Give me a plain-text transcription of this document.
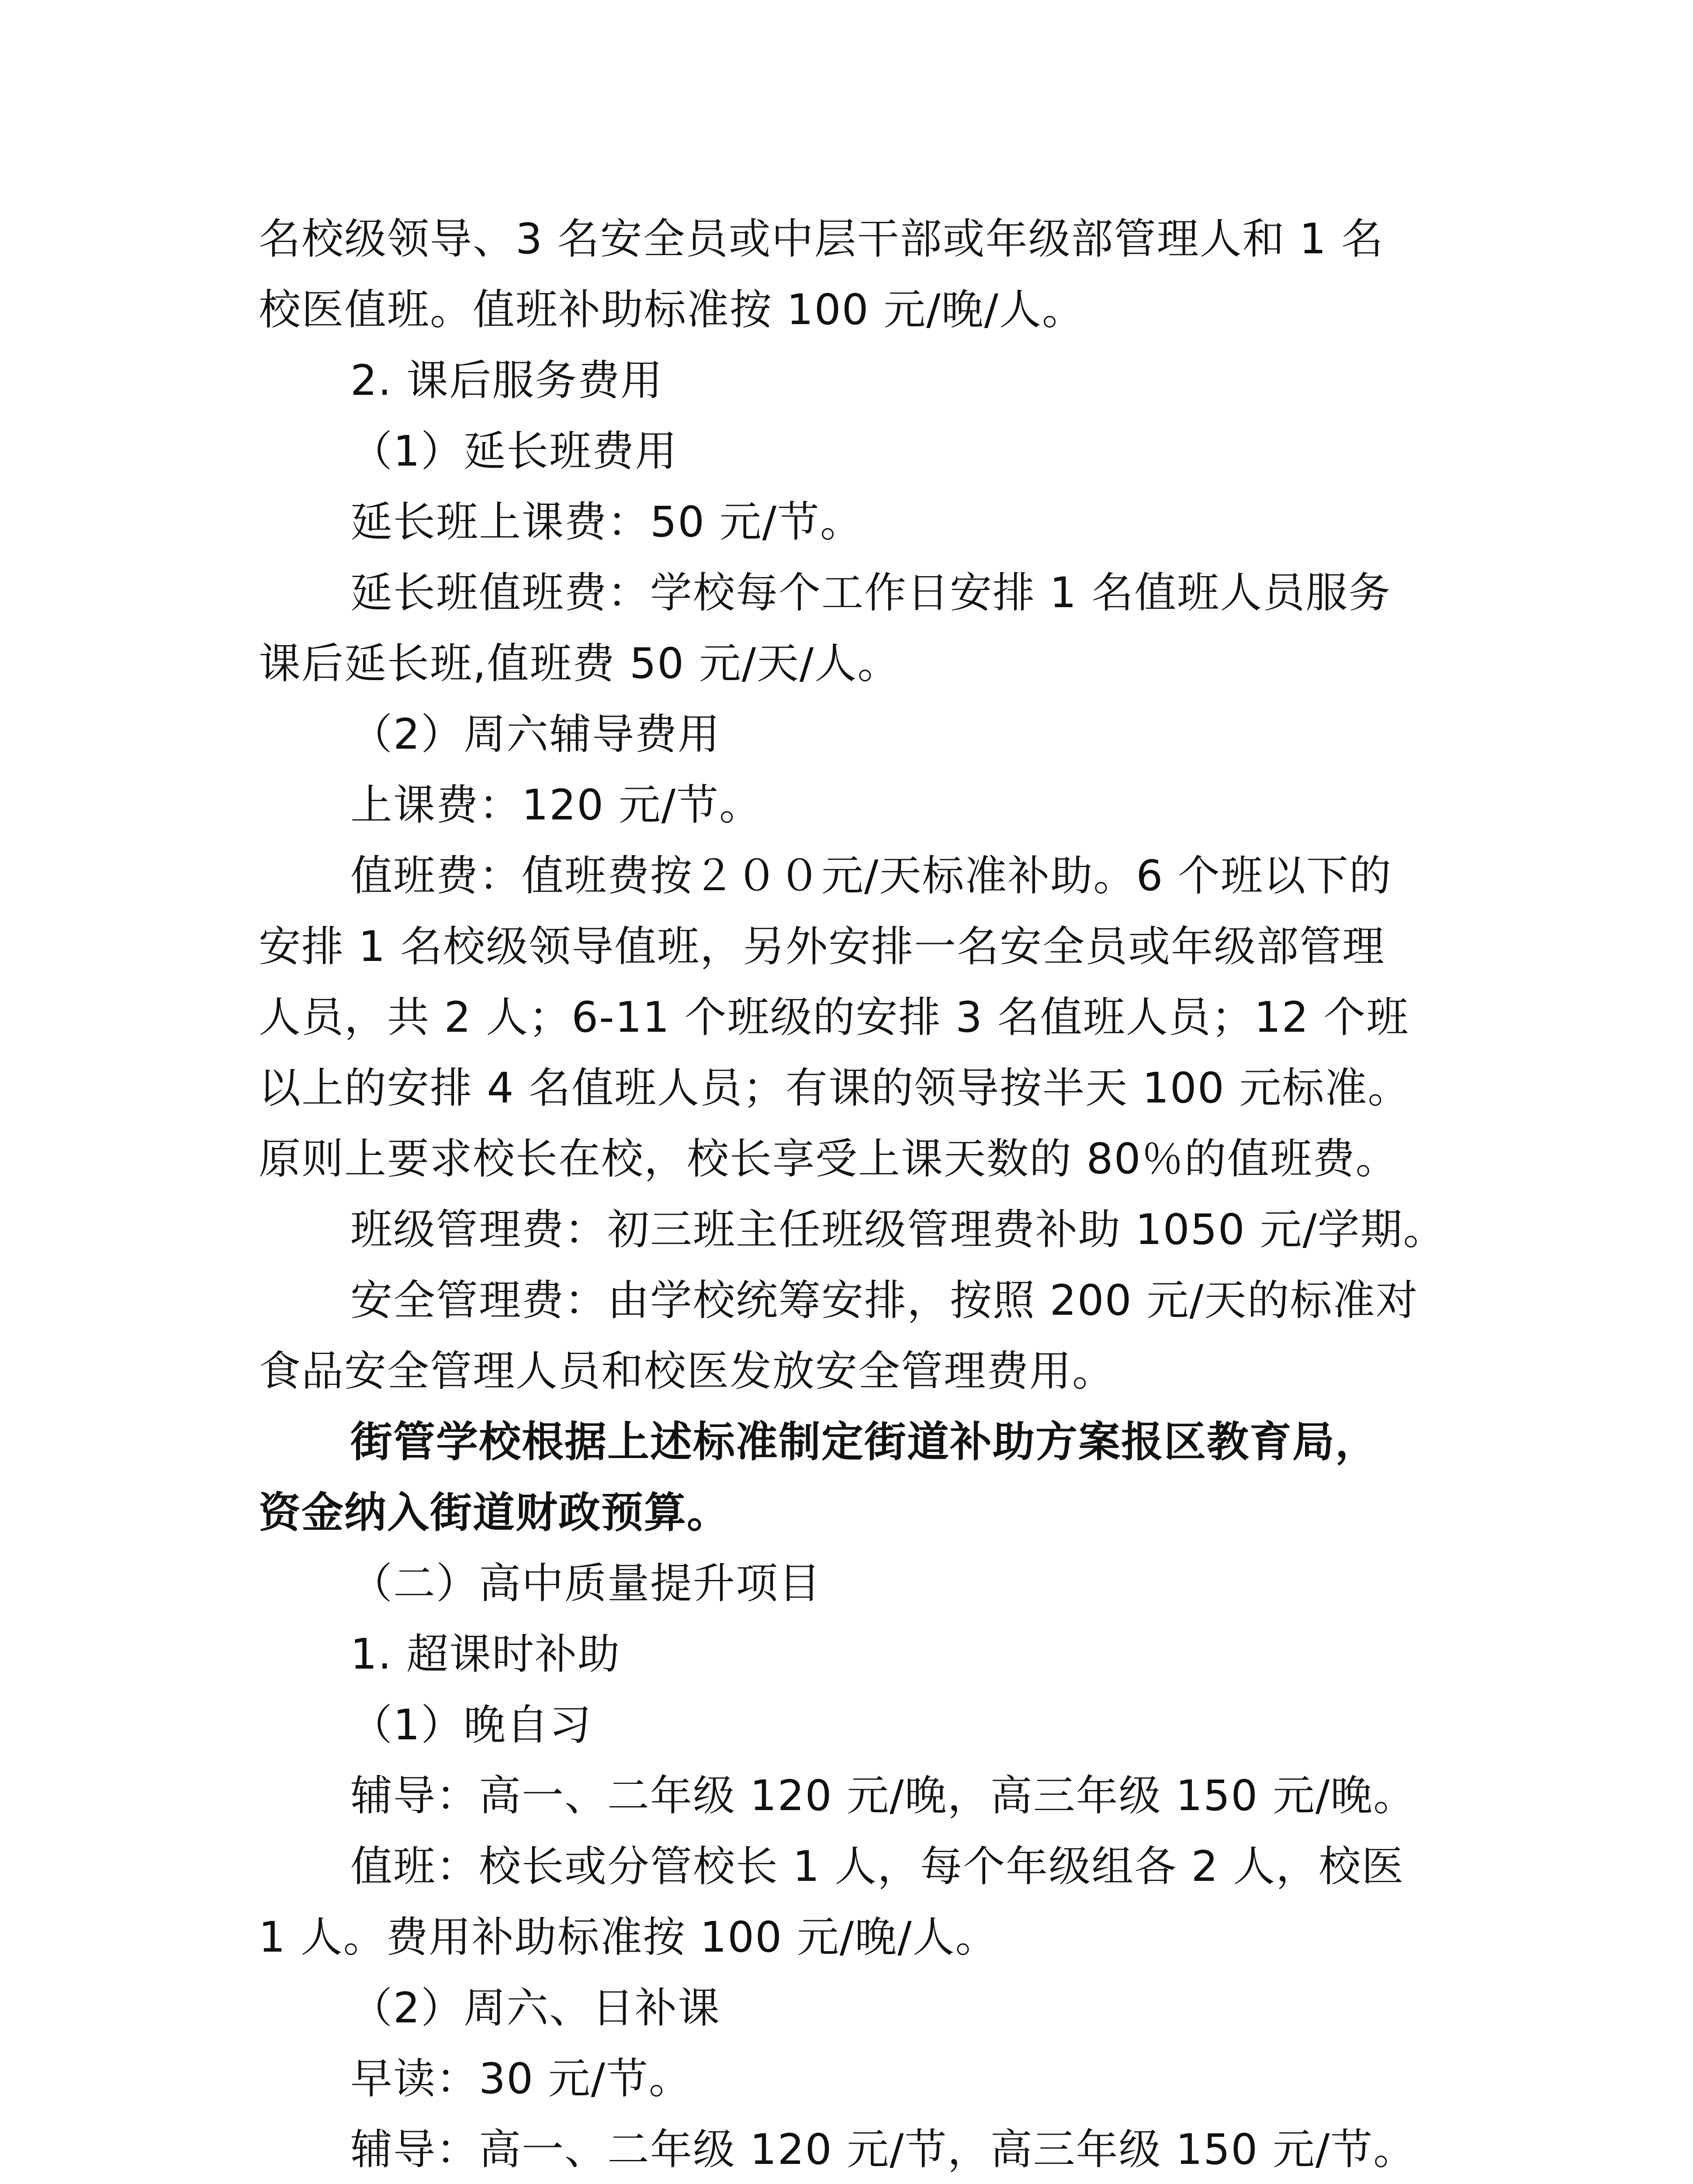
名校级领导、3 名安全员或中层干部或年级部管理人和 1 名
校医值班。值班补助标准按 100 元/晚/人。
2. 课后服务费用
（1）延长班费用
延长班上课费：50 元/节。
延长班值班费：学校每个工作日安排 1 名值班人员服务
课后延长班,值班费 50 元/天/人。
（2）周六辅导费用
上课费：120 元/节。
值班费：值班费按２００元/天标准补助。6 个班以下的
安排 1 名校级领导值班，另外安排一名安全员或年级部管理
人员，共 2 人；6-11 个班级的安排 3 名值班人员；12 个班
以上的安排 4 名值班人员；有课的领导按半天 100 元标准。
原则上要求校长在校，校长享受上课天数的 80％的值班费。
班级管理费：初三班主任班级管理费补助 1050 元/学期。
安全管理费：由学校统筹安排，按照 200 元/天的标准对
食品安全管理人员和校医发放安全管理费用。
街管学校根据上述标准制定街道补助方案报区教育局，
资金纳入街道财政预算。
（二）高中质量提升项目
1. 超课时补助
（1）晚自习
辅导：高一、二年级 120 元/晚，高三年级 150 元/晚。
值班：校长或分管校长 1 人，每个年级组各 2 人，校医
1 人。费用补助标准按 100 元/晚/人。
（2）周六、日补课
早读：30 元/节。
辅导：高一、二年级 120 元/节，高三年级 150 元/节。
